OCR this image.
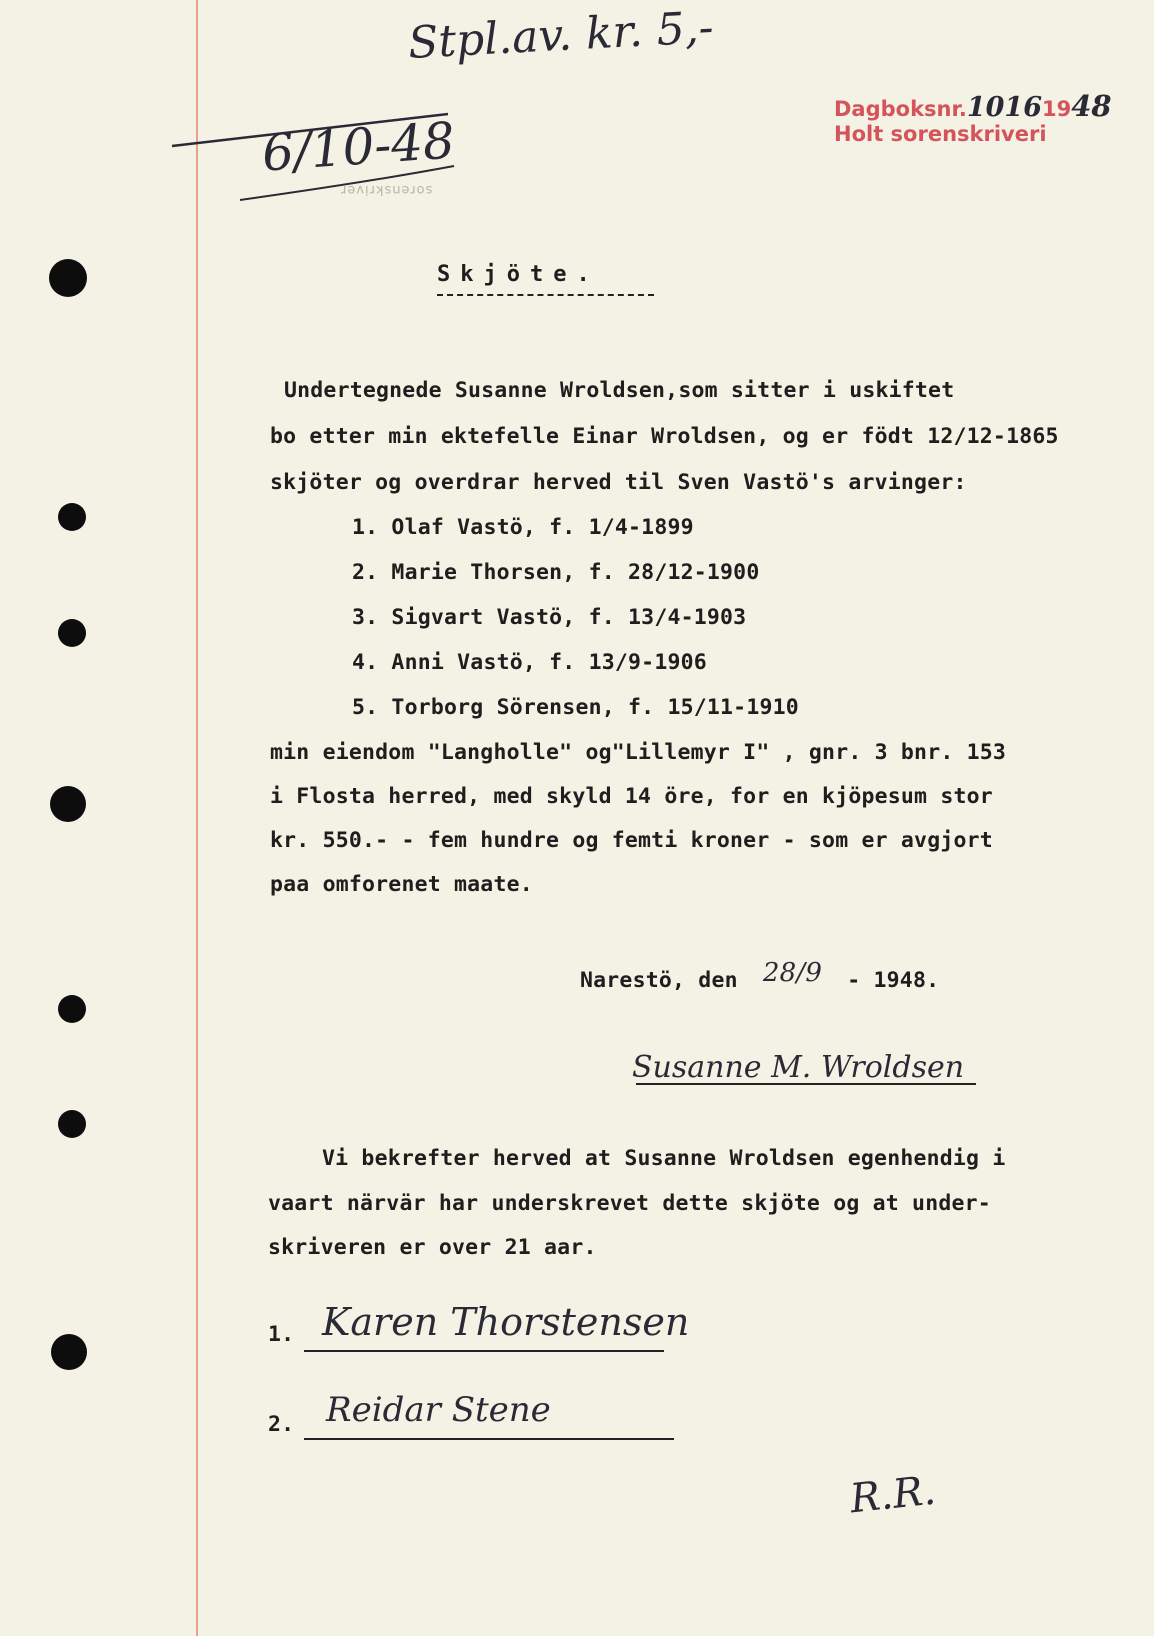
Stpl.av. kr. 5,-
6/10-48
sorenskriver
Dagboksnr.10161948
Holt sorenskriveri
Skjöte.
Undertegnede Susanne Wroldsen,som sitter i uskiftet
bo etter min ektefelle Einar Wroldsen, og er födt 12/12-1865
skjöter og overdrar herved til Sven Vastö's arvinger:
1. Olaf Vastö, f. 1/4-1899
2. Marie Thorsen, f. 28/12-1900
3. Sigvart Vastö, f. 13/4-1903
4. Anni Vastö, f. 13/9-1906
5. Torborg Sörensen, f. 15/11-1910
min eiendom "Langholle" og"Lillemyr I" , gnr. 3 bnr. 153
i Flosta herred, med skyld 14 öre, for en kjöpesum stor
kr. 550.- - fem hundre og femti kroner - som er avgjort
paa omforenet maate.
Narestö, den 28/9 - 1948.
Susanne M. Wroldsen
Vi bekrefter herved at Susanne Wroldsen egenhendig i
vaart närvär har underskrevet dette skjöte og at under-
skriveren er over 21 aar.
1. Karen Thorstensen
2. Reidar Stene
R.R.
